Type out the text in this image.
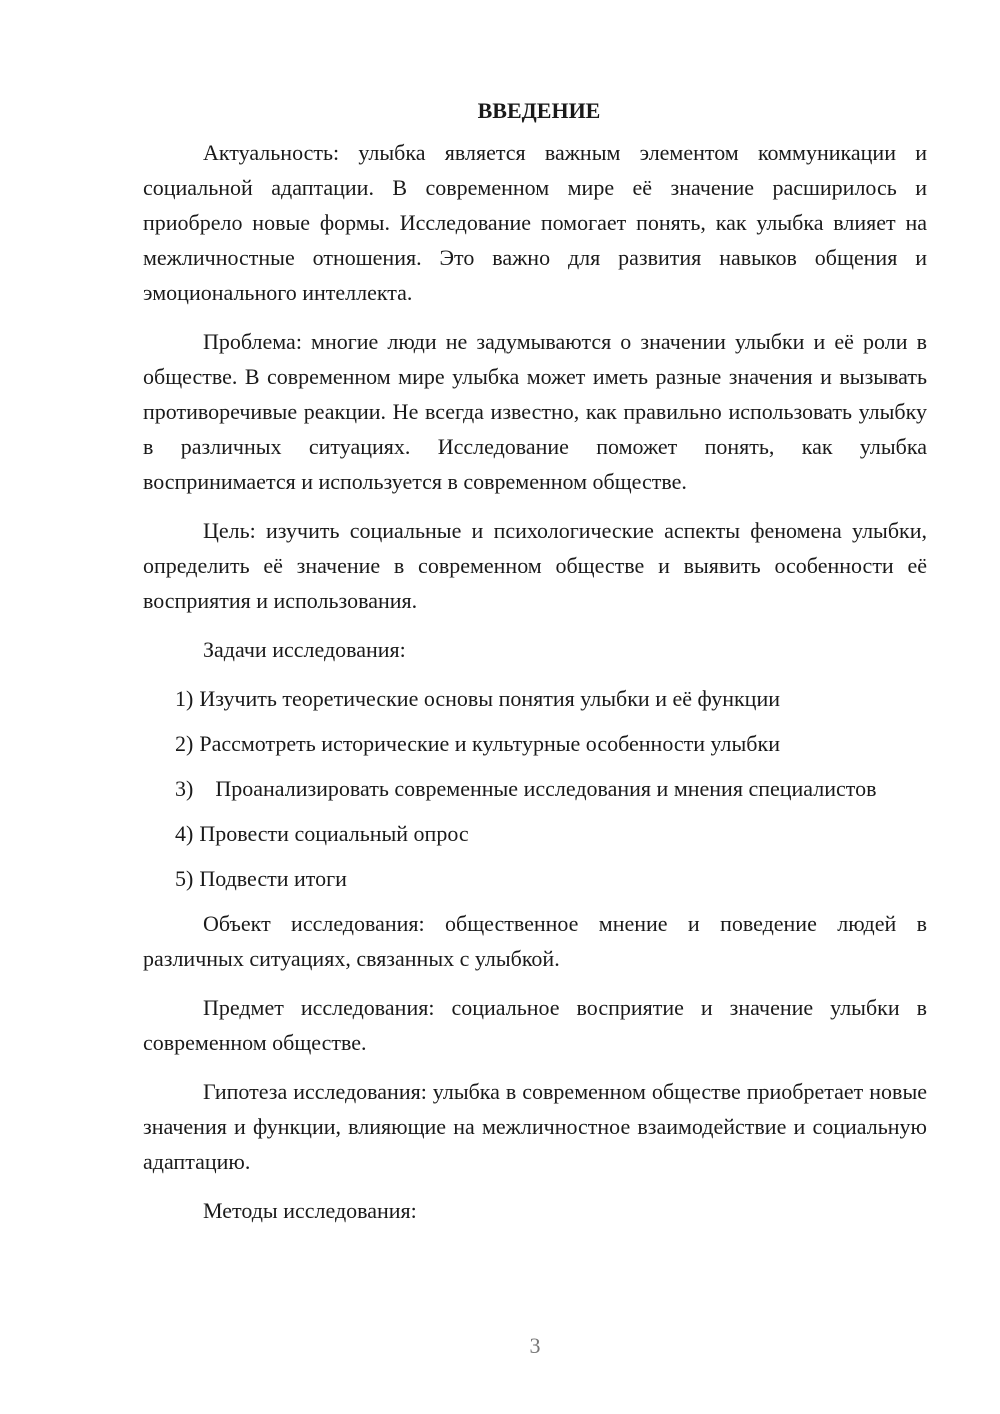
ВВЕДЕНИЕ

Актуальность: улыбка является важным элементом коммуникации и социальной адаптации. В современном мире её значение расширилось и приобрело новые формы. Исследование помогает понять, как улыбка влияет на межличностные отношения. Это важно для развития навыков общения и эмоционального интеллекта.

Проблема: многие люди не задумываются о значении улыбки и её роли в обществе. В современном мире улыбка может иметь разные значения и вызывать противоречивые реакции. Не всегда известно, как правильно использовать улыбку в различных ситуациях. Исследование поможет понять, как улыбка воспринимается и используется в современном обществе.

Цель: изучить социальные и психологические аспекты феномена улыбки, определить её значение в современном обществе и выявить особенности её восприятия и использования.

Задачи исследования:

1) Изучить теоретические основы понятия улыбки и её функции

2) Рассмотреть исторические и культурные особенности улыбки

3) Проанализировать современные исследования и мнения специалистов

4) Провести социальный опрос

5) Подвести итоги

Объект исследования: общественное мнение и поведение людей в различных ситуациях, связанных с улыбкой.

Предмет исследования: социальное восприятие и значение улыбки в современном обществе.

Гипотеза исследования: улыбка в современном обществе приобретает новые значения и функции, влияющие на межличностное взаимодействие и социальную адаптацию.

Методы исследования:

3
